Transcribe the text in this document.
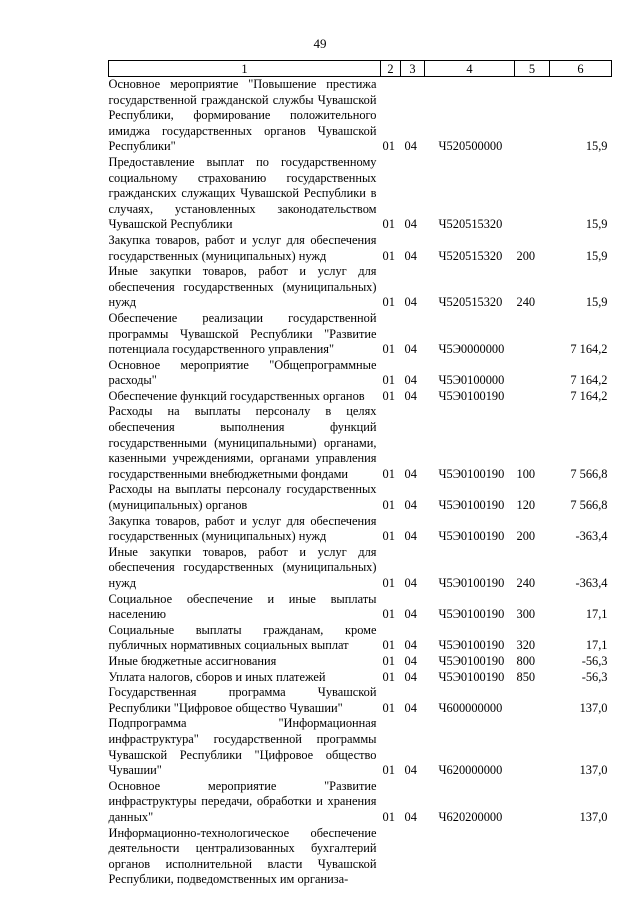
49
1	2	3	4	5	6
Основное мероприятие "Повышение престижа государственной гражданской службы Чувашской Республики, формирование положительного имиджа государственных органов Чувашской Республики"	01	04	Ч520500000		15,9
Предоставление выплат по государственному социальному страхованию государственных гражданских служащих Чувашской Республики в случаях, установленных законодательством Чувашской Республики	01	04	Ч520515320		15,9
Закупка товаров, работ и услуг для обеспечения государственных (муниципальных) нужд	01	04	Ч520515320	200	15,9
Иные закупки товаров, работ и услуг для обеспечения государственных (муниципальных) нужд	01	04	Ч520515320	240	15,9
Обеспечение реализации государственной программы Чувашской Республики "Развитие потенциала государственного управления"	01	04	Ч5Э0000000		7 164,2
Основное мероприятие "Общепрограммные расходы"	01	04	Ч5Э0100000		7 164,2
Обеспечение функций государственных органов	01	04	Ч5Э0100190		7 164,2
Расходы на выплаты персоналу в целях обеспечения выполнения функций государственными (муниципальными) органами, казенными учреждениями, органами управления государственными внебюджетными фондами	01	04	Ч5Э0100190	100	7 566,8
Расходы на выплаты персоналу государственных (муниципальных) органов	01	04	Ч5Э0100190	120	7 566,8
Закупка товаров, работ и услуг для обеспечения государственных (муниципальных) нужд	01	04	Ч5Э0100190	200	-363,4
Иные закупки товаров, работ и услуг для обеспечения государственных (муниципальных) нужд	01	04	Ч5Э0100190	240	-363,4
Социальное обеспечение и иные выплаты населению	01	04	Ч5Э0100190	300	17,1
Социальные выплаты гражданам, кроме публичных нормативных социальных выплат	01	04	Ч5Э0100190	320	17,1
Иные бюджетные ассигнования	01	04	Ч5Э0100190	800	-56,3
Уплата налогов, сборов и иных платежей	01	04	Ч5Э0100190	850	-56,3
Государственная программа Чувашской Республики "Цифровое общество Чувашии"	01	04	Ч600000000		137,0
Подпрограмма "Информационная инфраструктура" государственной программы Чувашской Республики "Цифровое общество Чувашии"	01	04	Ч620000000		137,0
Основное мероприятие "Развитие инфраструктуры передачи, обработки и хранения данных"	01	04	Ч620200000		137,0
Информационно-технологическое обеспечение деятельности централизованных бухгалтерий органов исполнительной власти Чувашской Республики, подведомственных им организа-					
